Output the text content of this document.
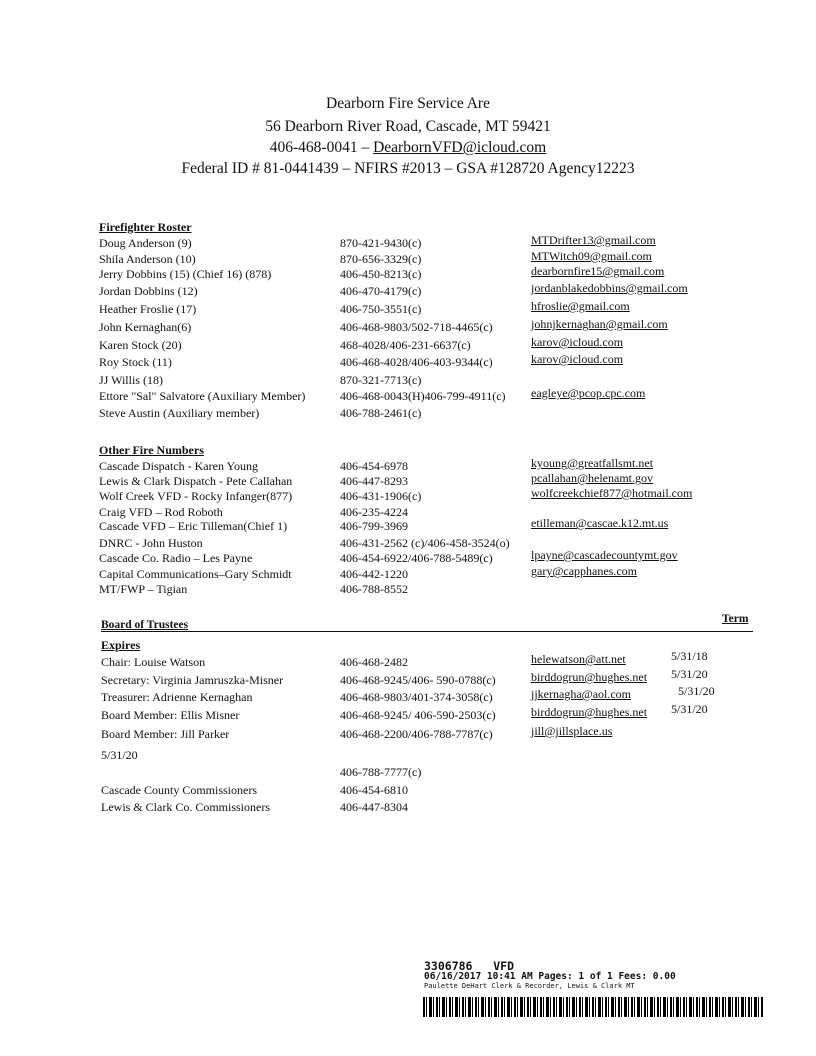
Dearborn Fire Service Are
56 Dearborn River Road, Cascade, MT 59421
406-468-0041 – DearbornVFD@icloud.com
Federal ID # 81-0441439 – NFIRS #2013 – GSA #128720 Agency12223
Firefighter Roster
Doug Anderson (9)	870-421-9430(c)	MTDrifter13@gmail.com
Shila Anderson (10)	870-656-3329(c)	MTWitch09@gmail.com
Jerry Dobbins (15) (Chief 16) (878)	406-450-8213(c)	dearbornfire15@gmail.com
Jordan Dobbins (12)	406-470-4179(c)	jordanblakedobbins@gmail.com
Heather Froslie (17)	406-750-3551(c)	hfroslie@gmail.com
John Kernaghan(6)	406-468-9803/502-718-4465(c)	johnjkernaghan@gmail.com
Karen Stock (20)	468-4028/406-231-6637(c)	karov@icloud.com
Roy Stock (11)	406-468-4028/406-403-9344(c)	karov@icloud.com
JJ Willis (18)	870-321-7713(c)
Ettore "Sal" Salvatore (Auxiliary Member)	406-468-0043(H)406-799-4911(c) eagleye@pcop.cpc.com
Steve Austin (Auxiliary member)	406-788-2461(c)
Other Fire Numbers
Cascade Dispatch - Karen Young	406-454-6978	kyoung@greatfallsmt.net
Lewis & Clark Dispatch - Pete Callahan	406-447-8293	pcallahan@helenamt.gov
Wolf Creek VFD - Rocky Infanger(877)	406-431-1906(c)	wolfcreekchief877@hotmail.com
Craig VFD – Rod Roboth	406-235-4224
Cascade VFD – Eric Tilleman(Chief 1)	406-799-3969	etilleman@cascae.k12.mt.us
DNRC - John Huston	406-431-2562 (c)/406-458-3524(o)
Cascade Co. Radio – Les Payne	406-454-6922/406-788-5489(c)	lpayne@cascadecountymt.gov
Capital Communications–Gary Schmidt	406-442-1220	gary@capphanes.com
MT/FWP – Tigian	406-788-8552
Board of Trustees	Term
Expires
Chair: Louise Watson	406-468-2482	helewatson@att.net	5/31/18
Secretary: Virginia Jamruszka-Misner	406-468-9245/406- 590-0788(c)	birddogrun@hughes.net 5/31/20
Treasurer: Adrienne Kernaghan	406-468-9803/401-374-3058(c)	jjkernagha@aol.com	5/31/20
Board Member: Ellis Misner	406-468-9245/ 406-590-2503(c)	birddogrun@hughes.net 5/31/20
Board Member: Jill Parker	406-468-2200/406-788-7787(c)	jill@jillsplace.us
5/31/20
406-788-7777(c)
Cascade County Commissioners	406-454-6810
Lewis & Clark Co. Commissioners	406-447-8304
3306786 VFD
06/16/2017 10:41 AM Pages: 1 of 1 Fees: 0.00
Paulette DeHart Clerk & Recorder, Lewis & Clark MT
